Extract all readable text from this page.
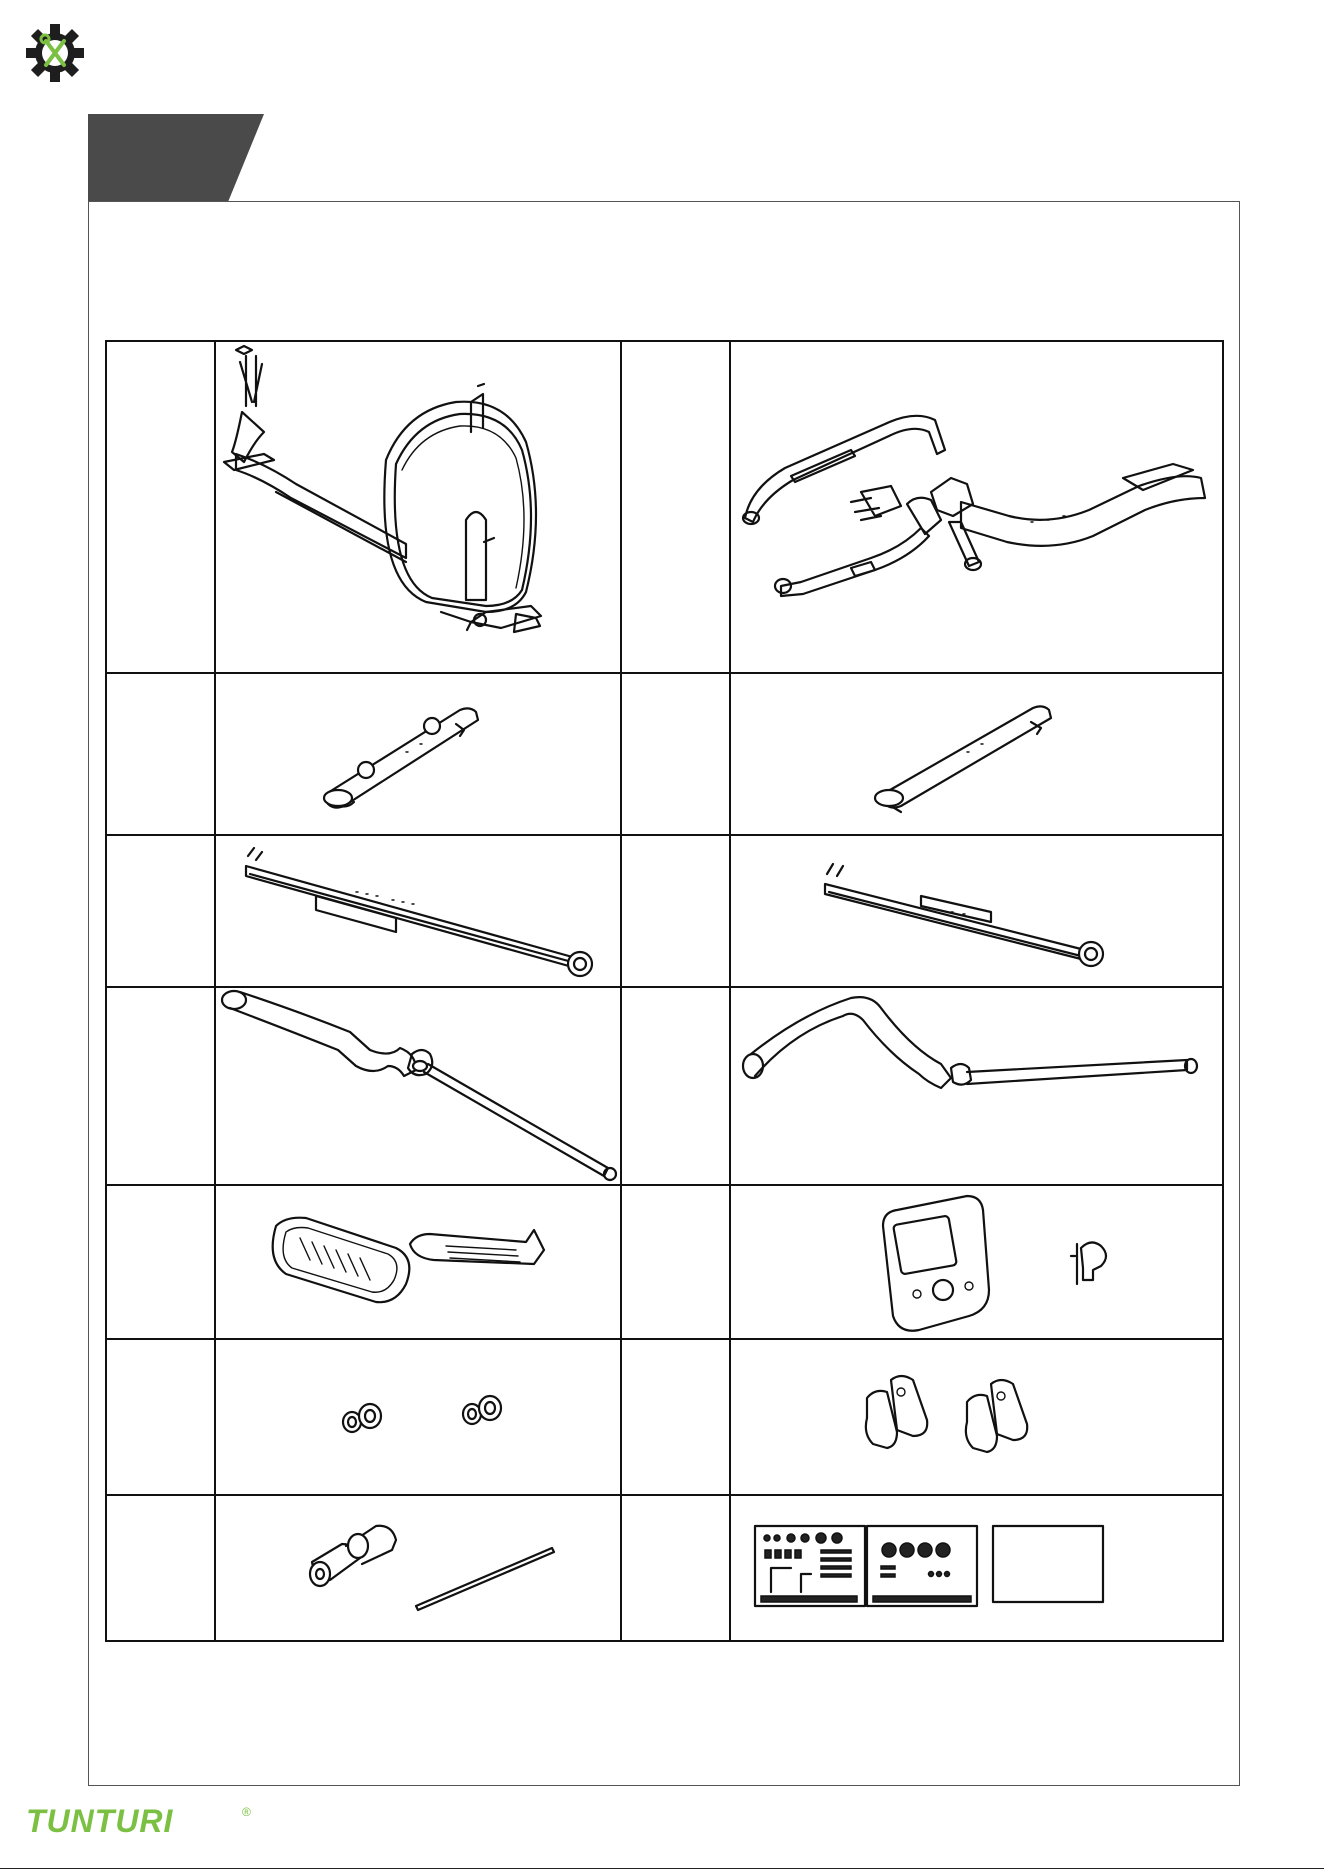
TUNTURI	®
